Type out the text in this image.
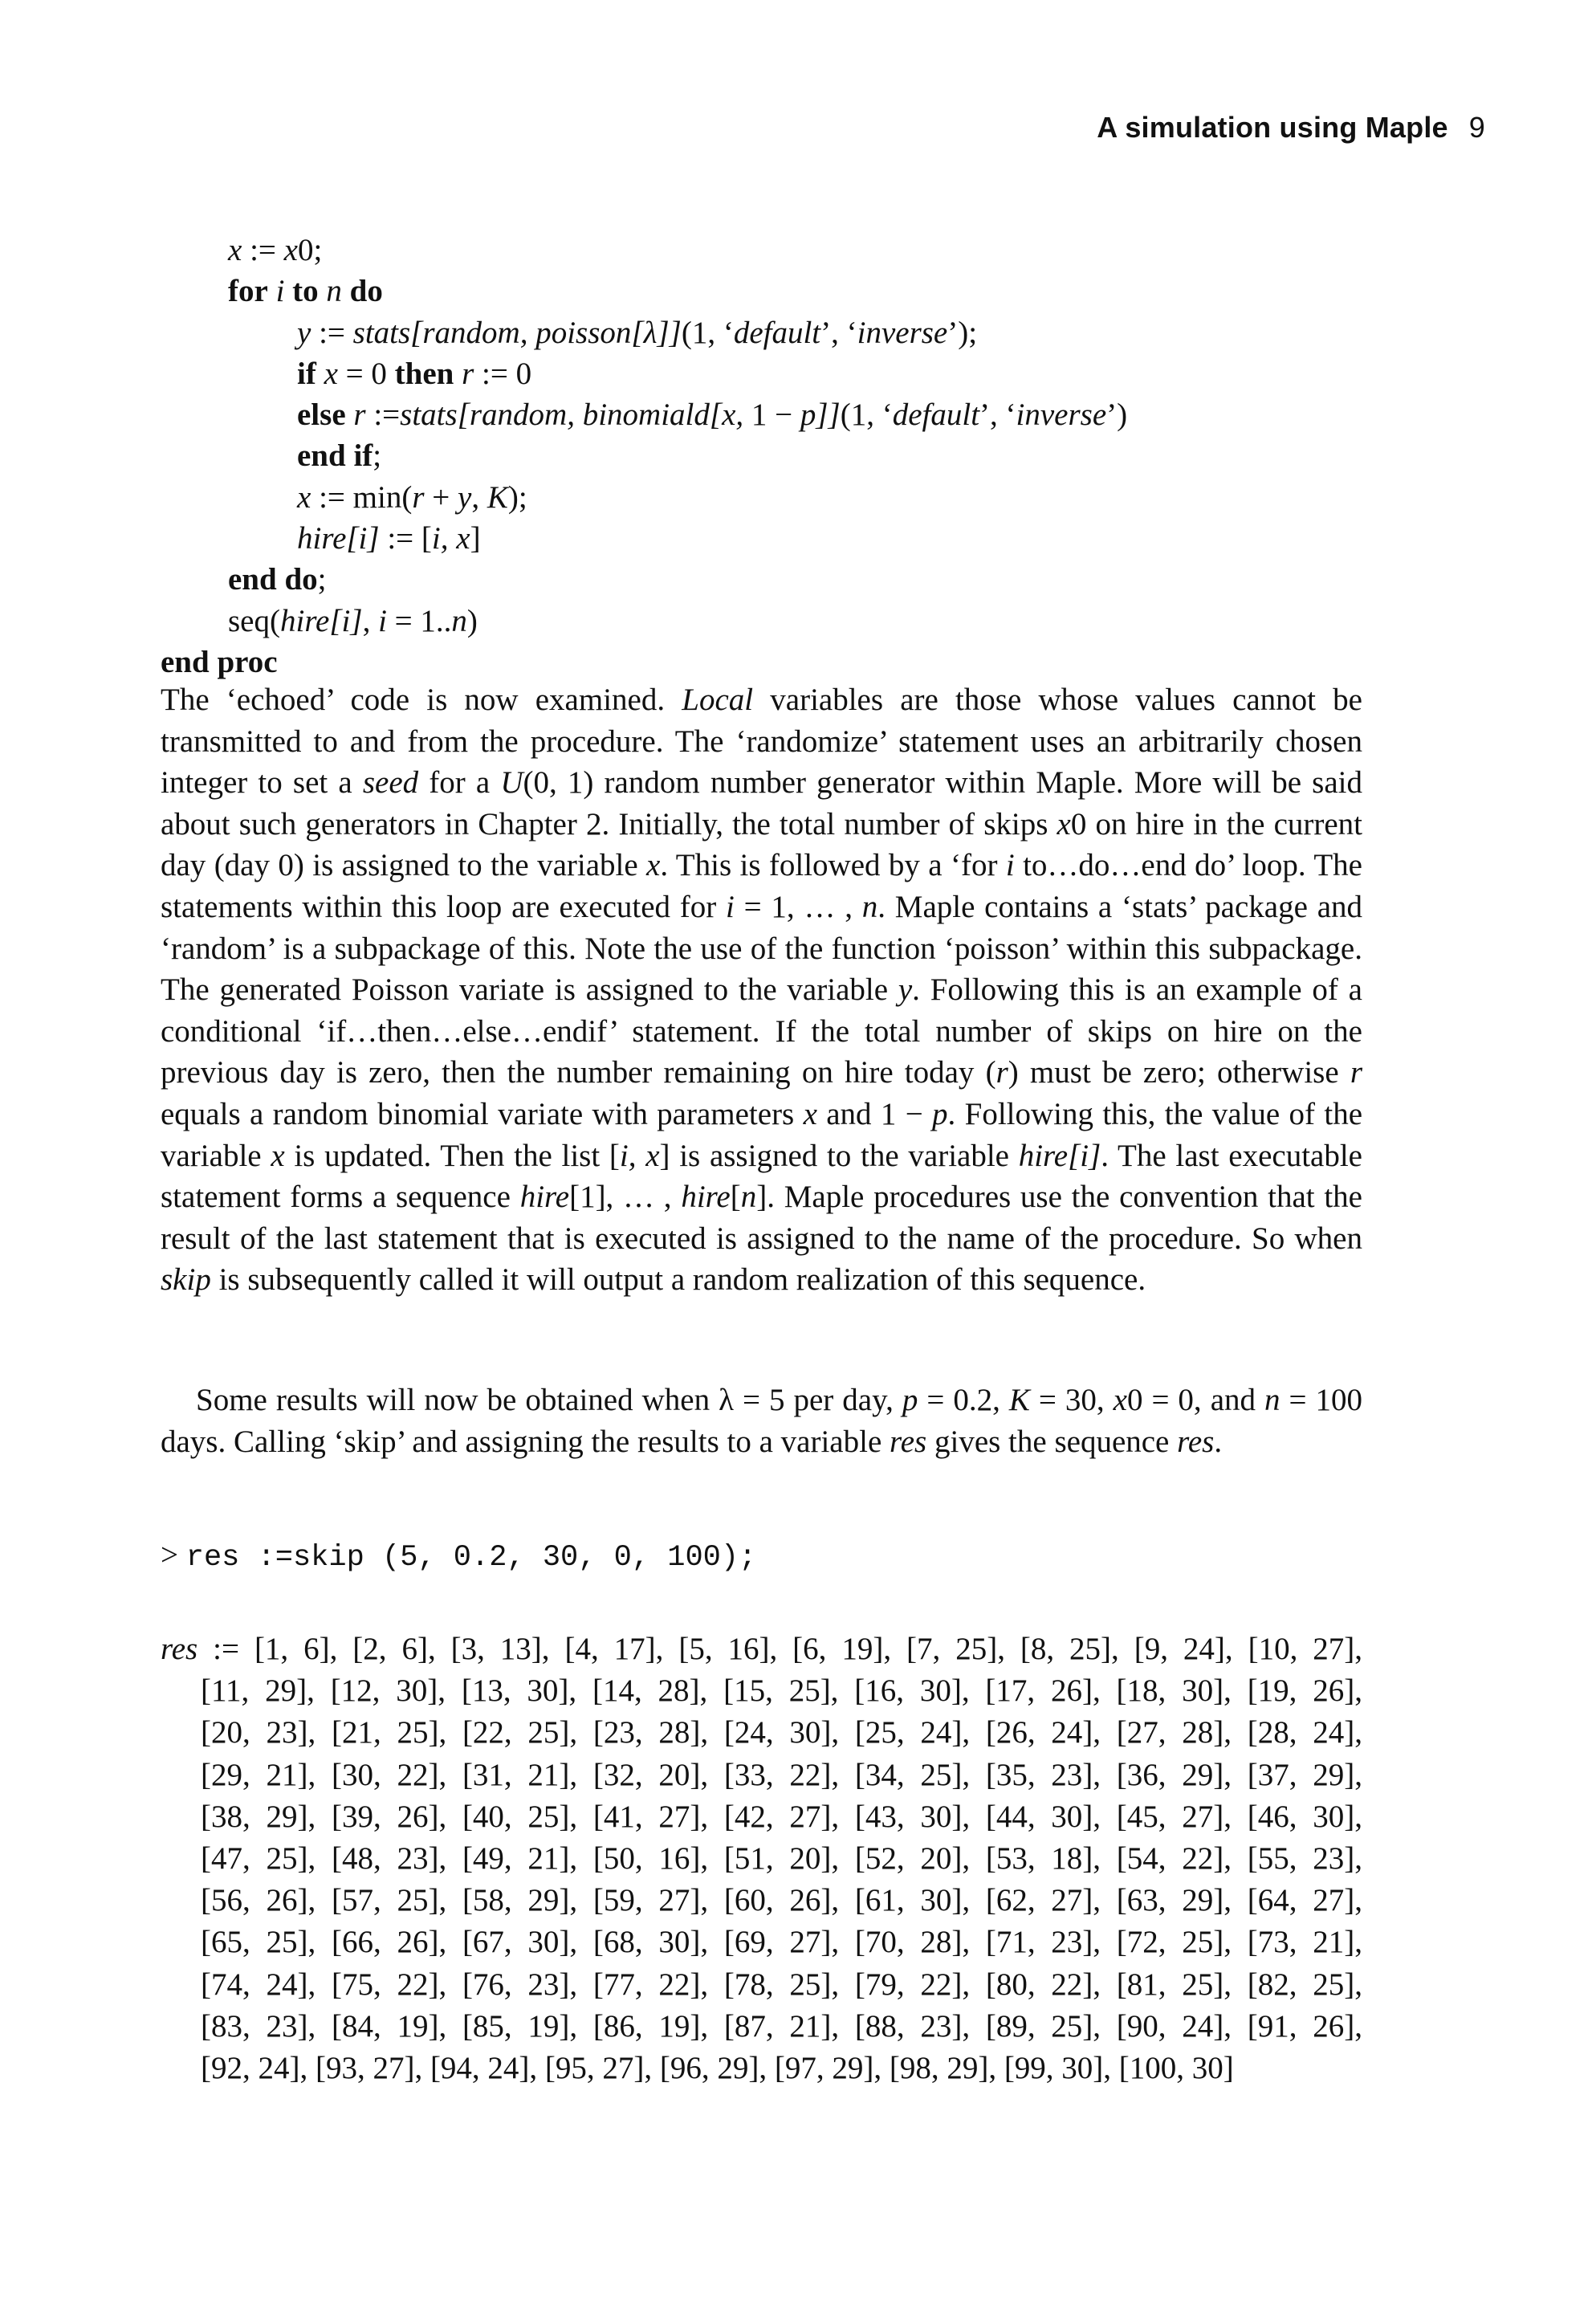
A simulation using Maple 9
x := x0;
for i to n do
y := stats[random, poisson[λ]](1, ‘default’, ‘inverse’);
if x = 0 then r := 0
else r :=stats[random, binomiald[x, 1 − p]](1, ‘default’, ‘inverse’)
end if;
x := min(r + y, K);
hire[i] := [i, x]
end do;
seq(hire[i], i = 1..n)
end proc

The ‘echoed’ code is now examined. Local variables are those whose values cannot be transmitted to and from the procedure. The ‘randomize’ statement uses an arbitrarily chosen integer to set a seed for a U(0, 1) random number generator within Maple. More will be said about such generators in Chapter 2. Initially, the total number of skips x0 on hire in the current day (day 0) is assigned to the variable x. This is followed by a ‘for i to…do…end do’ loop. The statements within this loop are executed for i = 1, … , n. Maple contains a ‘stats’ package and ‘random’ is a subpackage of this. Note the use of the function ‘poisson’ within this subpackage. The generated Poisson variate is assigned to the variable y. Following this is an example of a conditional ‘if…then…else…endif’ statement. If the total number of skips on hire on the previous day is zero, then the number remaining on hire today (r) must be zero; otherwise r equals a random binomial variate with parameters x and 1 − p. Following this, the value of the variable x is updated. Then the list [i, x] is assigned to the variable hire[i]. The last executable statement forms a sequence hire[1], … , hire[n]. Maple procedures use the convention that the result of the last statement that is executed is assigned to the name of the procedure. So when skip is subsequently called it will output a random realization of this sequence.

Some results will now be obtained when λ = 5 per day, p = 0.2, K = 30, x0 = 0, and n = 100 days. Calling ‘skip’ and assigning the results to a variable res gives the sequence res.

> res :=skip (5, 0.2, 30, 0, 100);
res := [1, 6], [2, 6], [3, 13], [4, 17], [5, 16], [6, 19], [7, 25], [8, 25], [9, 24], [10, 27],
[11, 29], [12, 30], [13, 30], [14, 28], [15, 25], [16, 30], [17, 26], [18, 30], [19, 26],
[20, 23], [21, 25], [22, 25], [23, 28], [24, 30], [25, 24], [26, 24], [27, 28], [28, 24],
[29, 21], [30, 22], [31, 21], [32, 20], [33, 22], [34, 25], [35, 23], [36, 29], [37, 29],
[38, 29], [39, 26], [40, 25], [41, 27], [42, 27], [43, 30], [44, 30], [45, 27], [46, 30],
[47, 25], [48, 23], [49, 21], [50, 16], [51, 20], [52, 20], [53, 18], [54, 22], [55, 23],
[56, 26], [57, 25], [58, 29], [59, 27], [60, 26], [61, 30], [62, 27], [63, 29], [64, 27],
[65, 25], [66, 26], [67, 30], [68, 30], [69, 27], [70, 28], [71, 23], [72, 25], [73, 21],
[74, 24], [75, 22], [76, 23], [77, 22], [78, 25], [79, 22], [80, 22], [81, 25], [82, 25],
[83, 23], [84, 19], [85, 19], [86, 19], [87, 21], [88, 23], [89, 25], [90, 24], [91, 26],
[92, 24], [93, 27], [94, 24], [95, 27], [96, 29], [97, 29], [98, 29], [99, 30], [100, 30]
